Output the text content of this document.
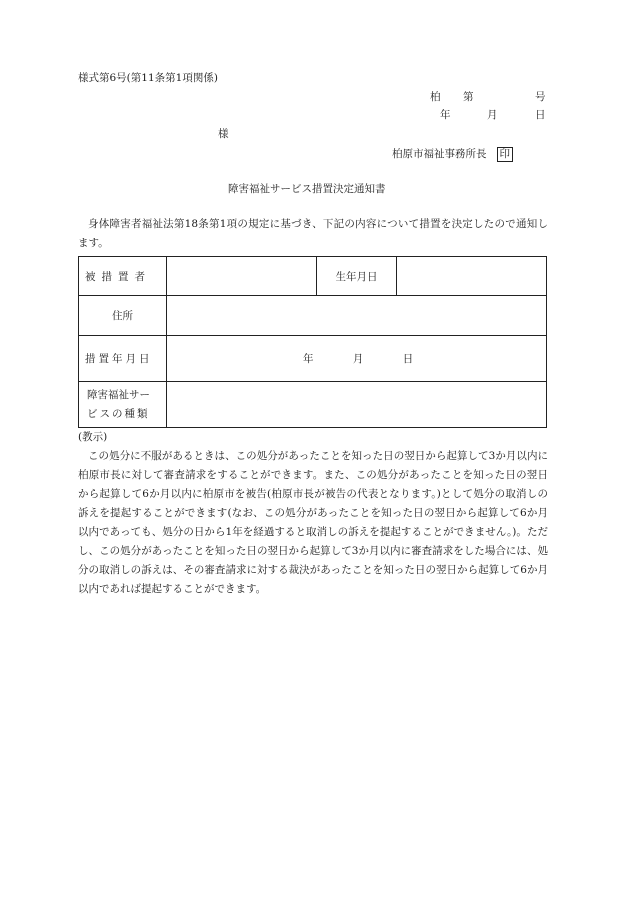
様式第6号(第11条第1項関係)
柏 第	号
年	月	日
様
柏原市福祉事務所長 印
障害福祉サービス措置決定通知書
身体障害者福祉法第18条第1項の規定に基づき、下記の内容について措置を決定したので通知します。
被措置者		生年月日	
住所			
措置年月日	年 月 日		

障害福祉サー
ビスの種類			

(教示)
この処分に不服があるときは、この処分があったことを知った日の翌日から起算して3か月以内に柏原市長に対して審査請求をすることができます。また、この処分があったことを知った日の翌日から起算して6か月以内に柏原市を被告(柏原市長が被告の代表となります。)として処分の取消しの訴えを提起することができます(なお、この処分があったことを知った日の翌日から起算して6か月以内であっても、処分の日から1年を経過すると取消しの訴えを提起することができません。)。ただし、この処分があったことを知った日の翌日から起算して3か月以内に審査請求をした場合には、処分の取消しの訴えは、その審査請求に対する裁決があったことを知った日の翌日から起算して6か月以内であれば提起することができます。
